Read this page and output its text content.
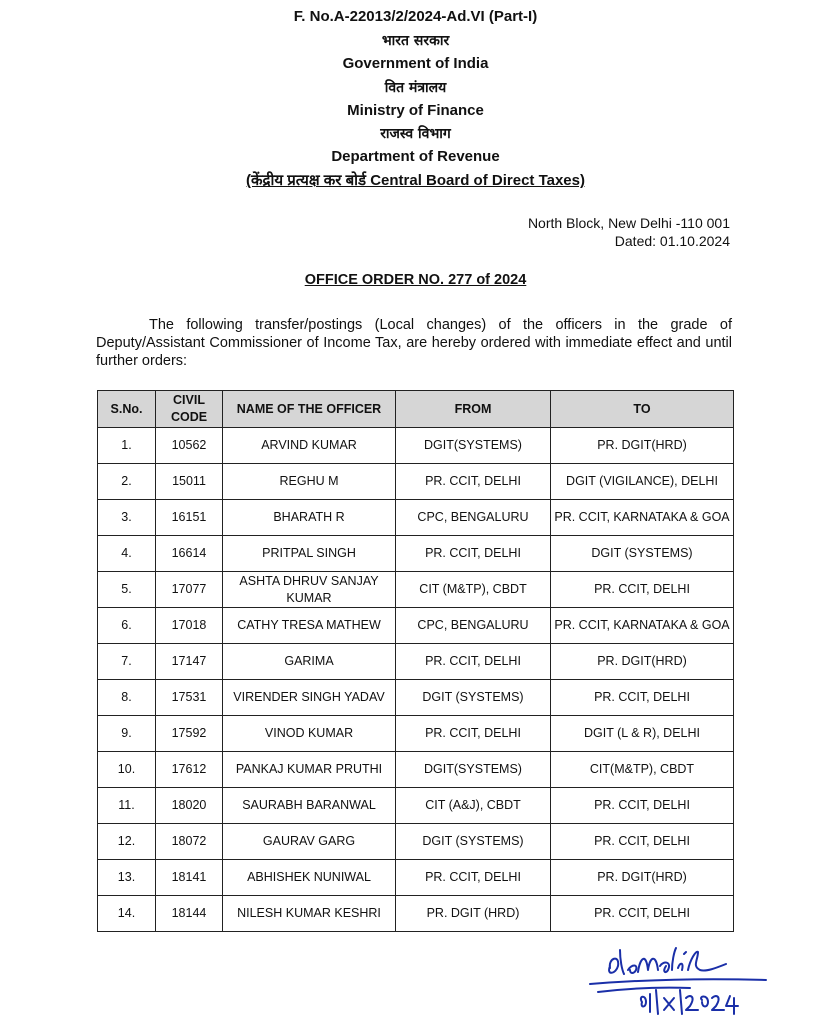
F. No.A-22013/2/2024-Ad.VI (Part-I)
भारत सरकार
Government of India
वित मंत्रालय
Ministry of Finance
राजस्व विभाग
Department of Revenue
(केंद्रीय प्रत्यक्ष कर बोर्ड Central Board of Direct Taxes)
North Block, New Delhi -110 001
Dated: 01.10.2024
OFFICE ORDER NO. 277 of 2024
The following transfer/postings (Local changes) of the officers in the grade of Deputy/Assistant Commissioner of Income Tax, are hereby ordered with immediate effect and until further orders:
S.No.	CIVIL CODE	NAME OF THE OFFICER	FROM	TO
1.	10562	ARVIND KUMAR	DGIT(SYSTEMS)	PR. DGIT(HRD)
2.	15011	REGHU M	PR. CCIT, DELHI	DGIT (VIGILANCE), DELHI
3.	16151	BHARATH R	CPC, BENGALURU	PR. CCIT, KARNATAKA & GOA
4.	16614	PRITPAL SINGH	PR. CCIT, DELHI	DGIT (SYSTEMS)
5.	17077	ASHTA DHRUV SANJAY KUMAR	CIT (M&TP), CBDT	PR. CCIT, DELHI
6.	17018	CATHY TRESA MATHEW	CPC, BENGALURU	PR. CCIT, KARNATAKA & GOA
7.	17147	GARIMA	PR. CCIT, DELHI	PR. DGIT(HRD)
8.	17531	VIRENDER SINGH YADAV	DGIT (SYSTEMS)	PR. CCIT, DELHI
9.	17592	VINOD KUMAR	PR. CCIT, DELHI	DGIT (L & R), DELHI
10.	17612	PANKAJ KUMAR PRUTHI	DGIT(SYSTEMS)	CIT(M&TP), CBDT
11.	18020	SAURABH BARANWAL	CIT (A&J), CBDT	PR. CCIT, DELHI
12.	18072	GAURAV GARG	DGIT (SYSTEMS)	PR. CCIT, DELHI
13.	18141	ABHISHEK NUNIWAL	PR. CCIT, DELHI	PR. DGIT(HRD)
14.	18144	NILESH KUMAR KESHRI	PR. DGIT (HRD)	PR. CCIT, DELHI
